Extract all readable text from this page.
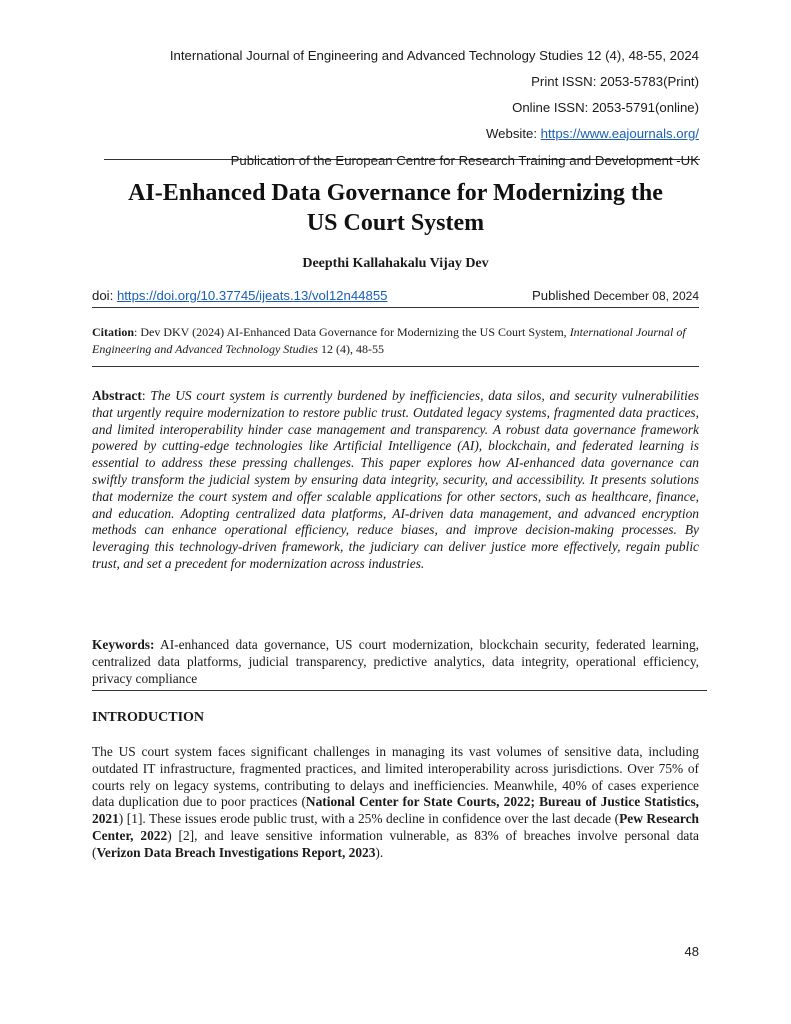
International Journal of Engineering and Advanced Technology Studies 12 (4), 48-55, 2024
Print ISSN: 2053-5783(Print)
Online ISSN: 2053-5791(online)
Website: https://www.eajournals.org/
Publication of the European Centre for Research Training and Development -UK
AI-Enhanced Data Governance for Modernizing the
US Court System
Deepthi Kallahakalu Vijay Dev
doi: https://doi.org/10.37745/ijeats.13/vol12n44855	Published December 08, 2024
Citation: Dev DKV (2024) AI-Enhanced Data Governance for Modernizing the US Court System, International Journal of Engineering and Advanced Technology Studies 12 (4), 48-55
Abstract: The US court system is currently burdened by inefficiencies, data silos, and security vulnerabilities that urgently require modernization to restore public trust. Outdated legacy systems, fragmented data practices, and limited interoperability hinder case management and transparency. A robust data governance framework powered by cutting-edge technologies like Artificial Intelligence (AI), blockchain, and federated learning is essential to address these pressing challenges. This paper explores how AI-enhanced data governance can swiftly transform the judicial system by ensuring data integrity, security, and accessibility. It presents solutions that modernize the court system and offer scalable applications for other sectors, such as healthcare, finance, and education. Adopting centralized data platforms, AI-driven data management, and advanced encryption methods can enhance operational efficiency, reduce biases, and improve decision-making processes. By leveraging this technology-driven framework, the judiciary can deliver justice more effectively, regain public trust, and set a precedent for modernization across industries.
Keywords: AI-enhanced data governance, US court modernization, blockchain security, federated learning, centralized data platforms, judicial transparency, predictive analytics, data integrity, operational efficiency, privacy compliance
INTRODUCTION
The US court system faces significant challenges in managing its vast volumes of sensitive data, including outdated IT infrastructure, fragmented practices, and limited interoperability across jurisdictions. Over 75% of courts rely on legacy systems, contributing to delays and inefficiencies. Meanwhile, 40% of cases experience data duplication due to poor practices (National Center for State Courts, 2022; Bureau of Justice Statistics, 2021) [1]. These issues erode public trust, with a 25% decline in confidence over the last decade (Pew Research Center, 2022) [2], and leave sensitive information vulnerable, as 83% of breaches involve personal data (Verizon Data Breach Investigations Report, 2023).
48
